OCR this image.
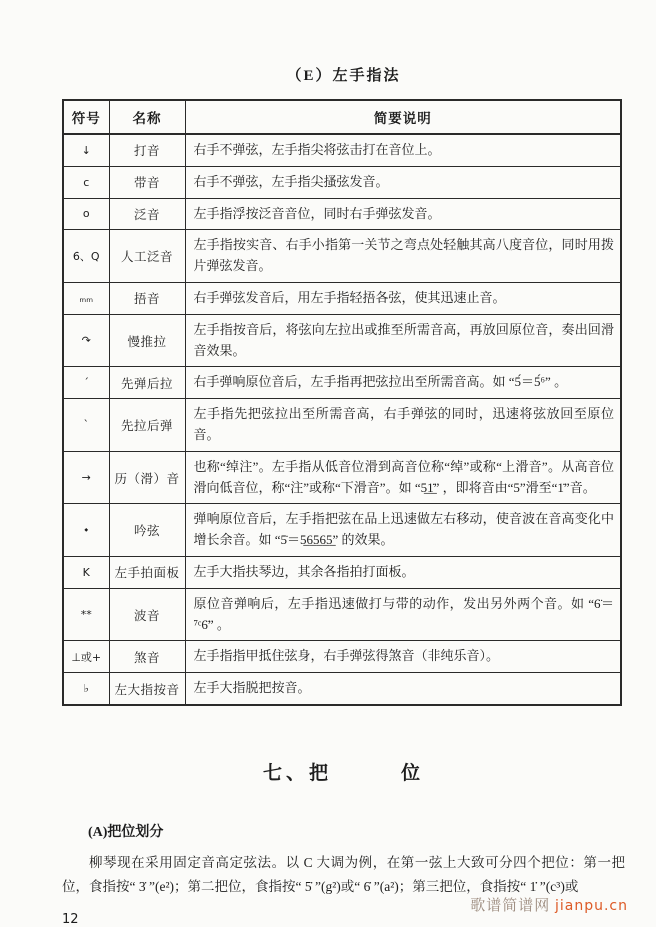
（E）左手指法
符号	名称	简要说明
↓	打音	右手不弹弦，左手指尖将弦击打在音位上。
c	带音	右手不弹弦，左手指尖搔弦发音。
o	泛音	左手指浮按泛音音位，同时右手弹弦发音。
6̇、Q	人工泛音	左手指按实音、右手小指第一关节之弯点处轻触其高八度音位，同时用拨片弹弦发音。
ₘₘ	捂音	右手弹弦发音后，用左手指轻捂各弦，使其迅速止音。
↷	慢推拉	左手指按音后，将弦向左拉出或推至所需音高，再放回原位音，奏出回滑音效果。
ˊ	先弹后拉	右手弹响原位音后，左手指再把弦拉出至所需音高。如 “5́＝5́⁶” 。
ˋ	先拉后弹	左手指先把弦拉出至所需音高，右手弹弦的同时，迅速将弦放回至原位音。
→	历（滑）音	也称“绰注”。左手指从低音位滑到高音位称“绰”或称“上滑音”。从高音位滑向低音位，称“注”或称“下滑音”。如 “5̲1̲̇” ，即将音由“5”滑至“1̇”音。
⬩	吟弦	弹响原位音后，左手指把弦在品上迅速做左右移动，使音波在音高变化中增长余音。如 “5̇＝5̲6̲5̲6̲5̲” 的效果。
K	左手拍面板	左手大指扶琴边，其余各指拍打面板。
**	波音	原位音弹响后，左手指迅速做打与带的动作，发出另外两个音。如 “6̈＝ ⁷ᶜ6̈” 。
⊥或+	煞音	左手指指甲抵住弦身，右手弹弦得煞音（非纯乐音）。
♭	左大指按音	左手大指脱把按音。
七、把　　　位
(A)把位划分

柳琴现在采用固定音高定弦法。以 C 大调为例，在第一弦上大致可分四个把位：第一把位，食指按“ 3̇ ”(e²)；第二把位，食指按“ 5̇ ”(g²)或“ 6̇ ”(a²)；第三把位，食指按“ 1̇̇ ”(c³)或

12
歌谱简谱网 jianpu.cn
